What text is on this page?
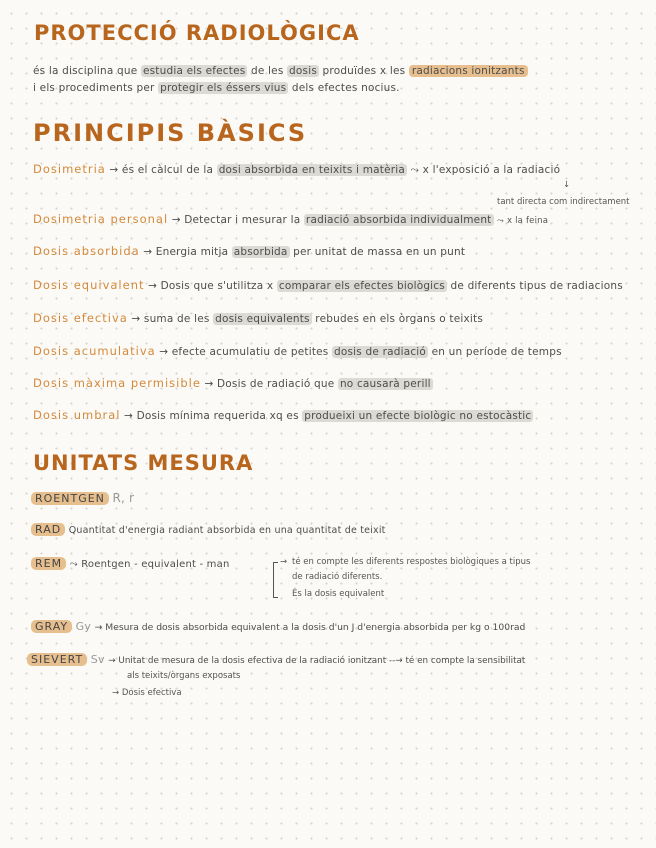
PROTECCIÓ RADIOLÒGICA
és la disciplina que estudia els efectes de les dosis produïdes x les radiacions ionitzants
i els procediments per protegir els éssers vius dels efectes nocius.
PRINCIPIS BÀSICS
Dosimetria → és el càlcul de la dosi absorbida en teixits i matèria ⤳ x l'exposició a la radiació
↓
tant directa com indirectament
Dosimetria personal → Detectar i mesurar la radiació absorbida individualment ⤳ x la feina
Dosis absorbida → Energia mitja absorbida per unitat de massa en un punt
Dosis equivalent → Dosis que s'utilitza x comparar els efectes biològics de diferents tipus de radiacions
Dosis efectiva → suma de les dosis equivalents rebudes en els òrgans o teixits
Dosis acumulativa → efecte acumulatiu de petites dosis de radiació en un període de temps
Dosis màxima permisible → Dosis de radiació que no causarà perill
Dosis umbral → Dosis mínima requerida xq es produeixi un efecte biològic no estocàstic
UNITATS MESURA
ROENTGEN R, r
RAD Quantitat d'energia radiant absorbida en una quantitat de teixit
REM ⤳ Roentgen - equivalent - man	→ té en compte les diferents respostes biològiques a tipus
de radiació diferents.
És la dosis equivalent
GRAY Gy → Mesura de dosis absorbida equivalent a la dosis d'un J d'energia absorbida per kg o 100rad
SIEVERT Sv → Unitat de mesura de la dosis efectiva de la radiació ionitzant --→ té en compte la sensibilitat
als teixits/òrgans exposats
→ Dosis efectiva
